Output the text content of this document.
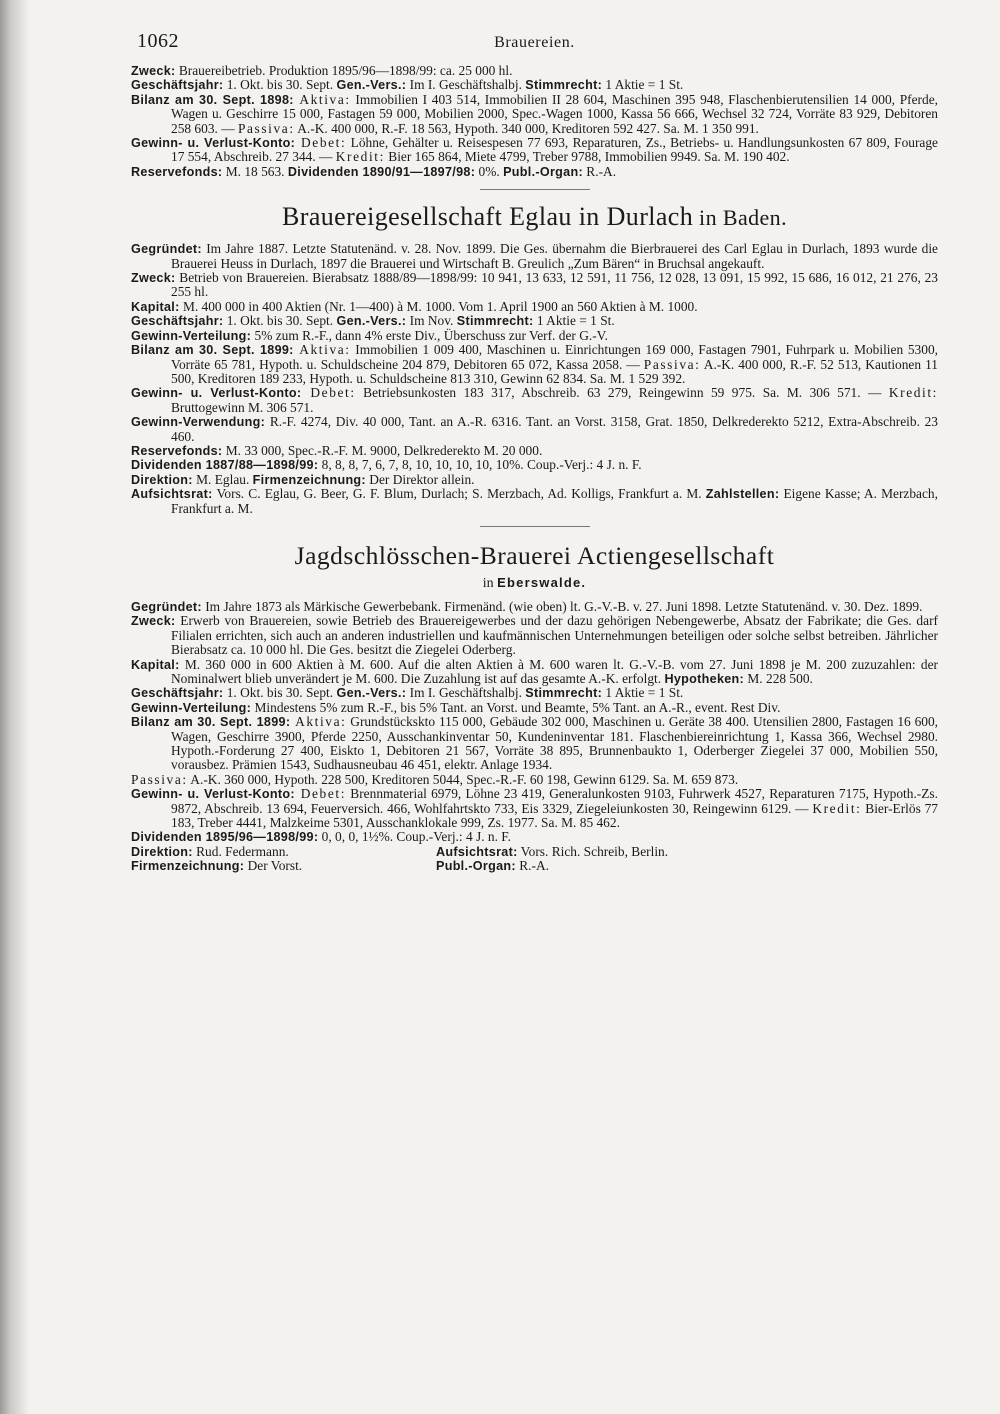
1062	Brauereien.

Zweck: Brauereibetrieb. Produktion 1895/96—1898/99: ca. 25 000 hl.

Geschäftsjahr: 1. Okt. bis 30. Sept. Gen.-Vers.: Im I. Geschäftshalbj. Stimmrecht: 1 Aktie = 1 St.

Bilanz am 30. Sept. 1898: Aktiva: Immobilien I 403 514, Immobilien II 28 604, Maschinen 395 948, Flaschenbierutensilien 14 000, Pferde, Wagen u. Geschirre 15 000, Fastagen 59 000, Mobilien 2000, Spec.-Wagen 1000, Kassa 56 666, Wechsel 32 724, Vorräte 83 929, Debitoren 258 603. — Passiva: A.-K. 400 000, R.-F. 18 563, Hypoth. 340 000, Kreditoren 592 427. Sa. M. 1 350 991.

Gewinn- u. Verlust-Konto: Debet: Löhne, Gehälter u. Reisespesen 77 693, Reparaturen, Zs., Betriebs- u. Handlungsunkosten 67 809, Fourage 17 554, Abschreib. 27 344. — Kredit: Bier 165 864, Miete 4799, Treber 9788, Immobilien 9949. Sa. M. 190 402.

Reservefonds: M. 18 563. Dividenden 1890/91—1897/98: 0%. Publ.-Organ: R.-A.

Brauereigesellschaft Eglau in Durlach in Baden.

Gegründet: Im Jahre 1887. Letzte Statutenänd. v. 28. Nov. 1899. Die Ges. übernahm die Bierbrauerei des Carl Eglau in Durlach, 1893 wurde die Brauerei Heuss in Durlach, 1897 die Brauerei und Wirtschaft B. Greulich „Zum Bären“ in Bruchsal angekauft.

Zweck: Betrieb von Brauereien. Bierabsatz 1888/89—1898/99: 10 941, 13 633, 12 591, 11 756, 12 028, 13 091, 15 992, 15 686, 16 012, 21 276, 23 255 hl.

Kapital: M. 400 000 in 400 Aktien (Nr. 1—400) à M. 1000. Vom 1. April 1900 an 560 Aktien à M. 1000.

Geschäftsjahr: 1. Okt. bis 30. Sept. Gen.-Vers.: Im Nov. Stimmrecht: 1 Aktie = 1 St.

Gewinn-Verteilung: 5% zum R.-F., dann 4% erste Div., Überschuss zur Verf. der G.-V.

Bilanz am 30. Sept. 1899: Aktiva: Immobilien 1 009 400, Maschinen u. Einrichtungen 169 000, Fastagen 7901, Fuhrpark u. Mobilien 5300, Vorräte 65 781, Hypoth. u. Schuldscheine 204 879, Debitoren 65 072, Kassa 2058. — Passiva: A.-K. 400 000, R.-F. 52 513, Kautionen 11 500, Kreditoren 189 233, Hypoth. u. Schuldscheine 813 310, Gewinn 62 834. Sa. M. 1 529 392.

Gewinn- u. Verlust-Konto: Debet: Betriebsunkosten 183 317, Abschreib. 63 279, Reingewinn 59 975. Sa. M. 306 571. — Kredit: Bruttogewinn M. 306 571.

Gewinn-Verwendung: R.-F. 4274, Div. 40 000, Tant. an A.-R. 6316. Tant. an Vorst. 3158, Grat. 1850, Delkrederekto 5212, Extra-Abschreib. 23 460.

Reservefonds: M. 33 000, Spec.-R.-F. M. 9000, Delkrederekto M. 20 000.

Dividenden 1887/88—1898/99: 8, 8, 8, 7, 6, 7, 8, 10, 10, 10, 10, 10%. Coup.-Verj.: 4 J. n. F.

Direktion: M. Eglau. Firmenzeichnung: Der Direktor allein.

Aufsichtsrat: Vors. C. Eglau, G. Beer, G. F. Blum, Durlach; S. Merzbach, Ad. Kolligs, Frankfurt a. M. Zahlstellen: Eigene Kasse; A. Merzbach, Frankfurt a. M.

Jagdschlösschen-Brauerei Actiengesellschaft
in Eberswalde.

Gegründet: Im Jahre 1873 als Märkische Gewerbebank. Firmenänd. (wie oben) lt. G.-V.-B. v. 27. Juni 1898. Letzte Statutenänd. v. 30. Dez. 1899.

Zweck: Erwerb von Brauereien, sowie Betrieb des Brauereigewerbes und der dazu gehörigen Nebengewerbe, Absatz der Fabrikate; die Ges. darf Filialen errichten, sich auch an anderen industriellen und kaufmännischen Unternehmungen beteiligen oder solche selbst betreiben. Jährlicher Bierabsatz ca. 10 000 hl. Die Ges. besitzt die Ziegelei Oderberg.

Kapital: M. 360 000 in 600 Aktien à M. 600. Auf die alten Aktien à M. 600 waren lt. G.-V.-B. vom 27. Juni 1898 je M. 200 zuzuzahlen: der Nominalwert blieb unverändert je M. 600. Die Zuzahlung ist auf das gesamte A.-K. erfolgt. Hypotheken: M. 228 500.

Geschäftsjahr: 1. Okt. bis 30. Sept. Gen.-Vers.: Im I. Geschäftshalbj. Stimmrecht: 1 Aktie = 1 St.

Gewinn-Verteilung: Mindestens 5% zum R.-F., bis 5% Tant. an Vorst. und Beamte, 5% Tant. an A.-R., event. Rest Div.

Bilanz am 30. Sept. 1899: Aktiva: Grundstückskto 115 000, Gebäude 302 000, Maschinen u. Geräte 38 400. Utensilien 2800, Fastagen 16 600, Wagen, Geschirre 3900, Pferde 2250, Ausschankinventar 50, Kundeninventar 181. Flaschenbiereinrichtung 1, Kassa 366, Wechsel 2980. Hypoth.-Forderung 27 400, Eiskto 1, Debitoren 21 567, Vorräte 38 895, Brunnenbaukto 1, Oderberger Ziegelei 37 000, Mobilien 550, vorausbez. Prämien 1543, Sudhausneubau 46 451, elektr. Anlage 1934.

Passiva: A.-K. 360 000, Hypoth. 228 500, Kreditoren 5044, Spec.-R.-F. 60 198, Gewinn 6129. Sa. M. 659 873.

Gewinn- u. Verlust-Konto: Debet: Brennmaterial 6979, Löhne 23 419, Generalunkosten 9103, Fuhrwerk 4527, Reparaturen 7175, Hypoth.-Zs. 9872, Abschreib. 13 694, Feuerversich. 466, Wohlfahrtskto 733, Eis 3329, Ziegeleiunkosten 30, Reingewinn 6129. — Kredit: Bier-Erlös 77 183, Treber 4441, Malzkeime 5301, Ausschanklokale 999, Zs. 1977. Sa. M. 85 462.

Dividenden 1895/96—1898/99: 0, 0, 0, 1½%. Coup.-Verj.: 4 J. n. F.

Direktion: Rud. Federmann.	Aufsichtsrat: Vors. Rich. Schreib, Berlin.
Firmenzeichnung: Der Vorst.	Publ.-Organ: R.-A.
